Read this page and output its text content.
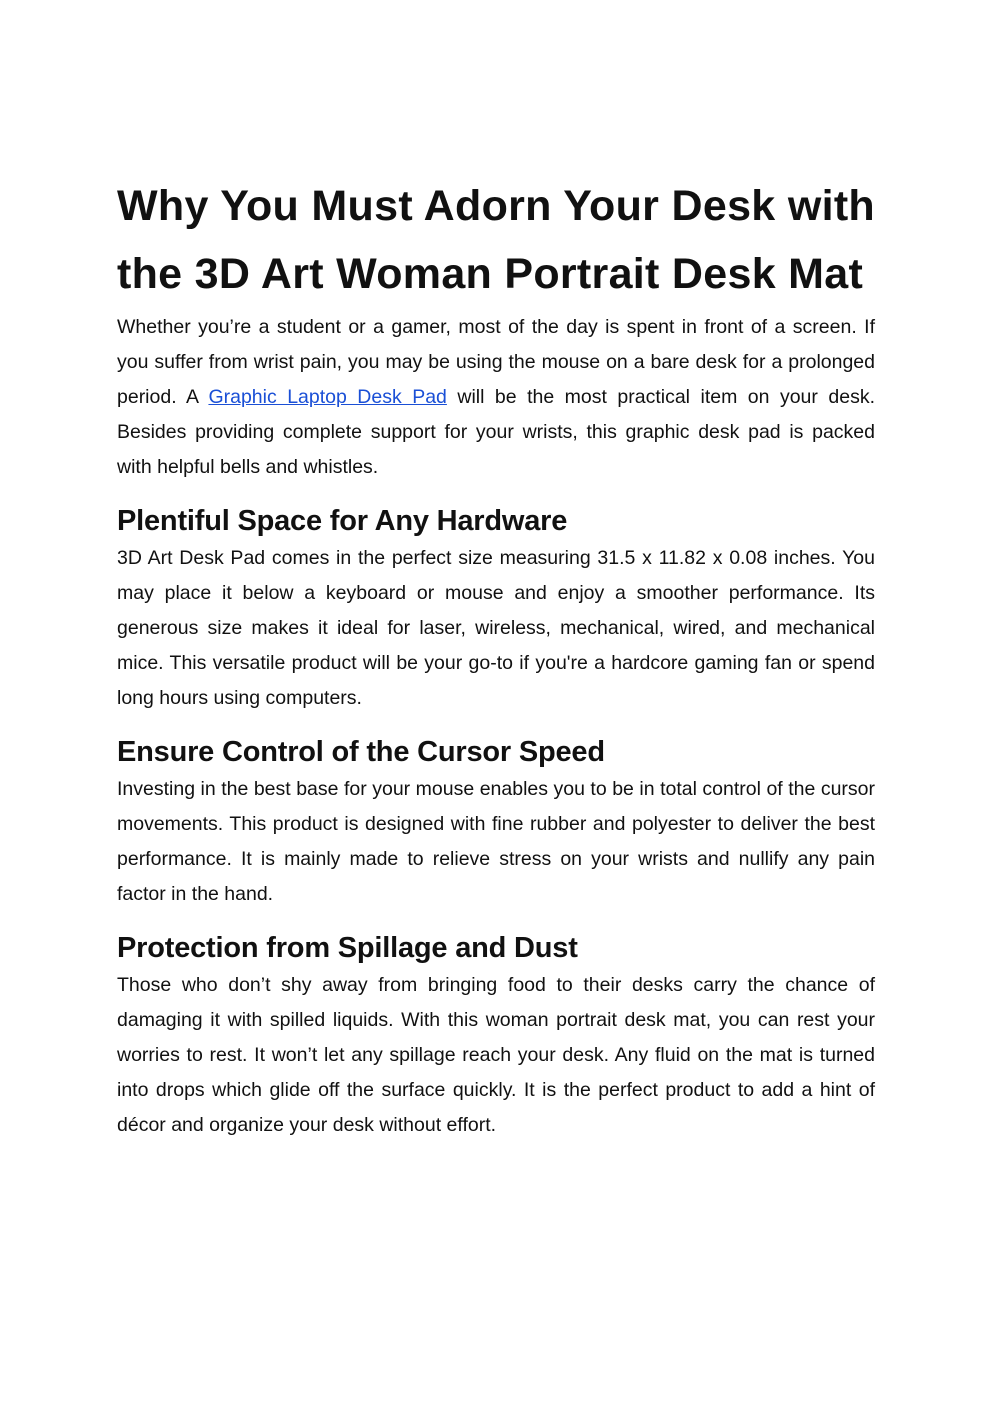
Why You Must Adorn Your Desk with
the 3D Art Woman Portrait Desk Mat

Whether you’re a student or a gamer, most of the day is spent in front of a screen. If you suffer from wrist pain, you may be using the mouse on a bare desk for a prolonged period. A Graphic Laptop Desk Pad will be the most practical item on your desk. Besides providing complete support for your wrists, this graphic desk pad is packed with helpful bells and whistles.

Plentiful Space for Any Hardware

3D Art Desk Pad comes in the perfect size measuring 31.5 x 11.82 x 0.08 inches. You may place it below a keyboard or mouse and enjoy a smoother performance. Its generous size makes it ideal for laser, wireless, mechanical, wired, and mechanical mice. This versatile product will be your go-to if you're a hardcore gaming fan or spend long hours using computers.

Ensure Control of the Cursor Speed

Investing in the best base for your mouse enables you to be in total control of the cursor movements. This product is designed with fine rubber and polyester to deliver the best performance. It is mainly made to relieve stress on your wrists and nullify any pain factor in the hand.

Protection from Spillage and Dust

Those who don’t shy away from bringing food to their desks carry the chance of damaging it with spilled liquids. With this woman portrait desk mat, you can rest your worries to rest. It won’t let any spillage reach your desk. Any fluid on the mat is turned into drops which glide off the surface quickly. It is the perfect product to add a hint of décor and organize your desk without effort.
